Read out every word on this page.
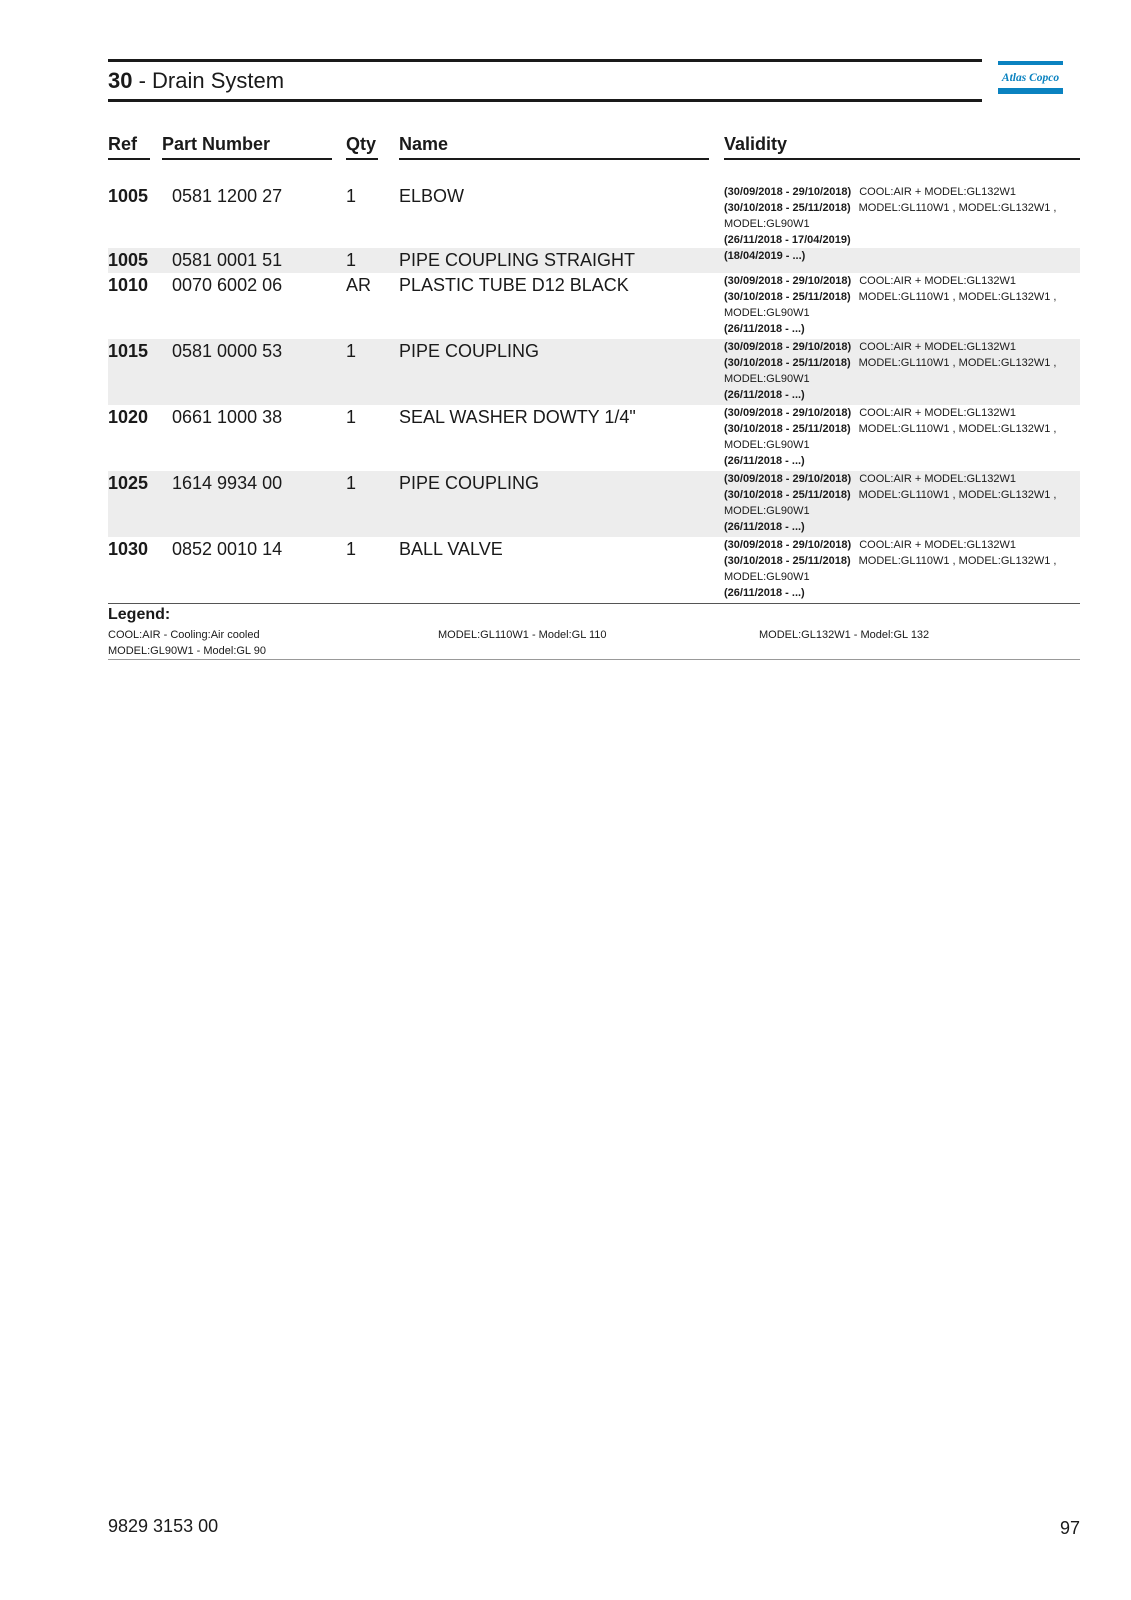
30 - Drain System	Atlas Copco
Ref Part Number	Qty Name	Validity
1005 0581 1200 27	1 ELBOW	(30/09/2018 - 29/10/2018) COOL:AIR + MODEL:GL132W1
(30/10/2018 - 25/11/2018) MODEL:GL110W1 , MODEL:GL132W1 ,
MODEL:GL90W1
(26/11/2018 - 17/04/2019)
1005 0581 0001 51	1 PIPE COUPLING STRAIGHT	(18/04/2019 - ...)
1010 0070 6002 06	AR PLASTIC TUBE D12 BLACK	(30/09/2018 - 29/10/2018) COOL:AIR + MODEL:GL132W1
(30/10/2018 - 25/11/2018) MODEL:GL110W1 , MODEL:GL132W1 ,
MODEL:GL90W1
(26/11/2018 - ...)
1015 0581 0000 53	1 PIPE COUPLING	(30/09/2018 - 29/10/2018) COOL:AIR + MODEL:GL132W1
(30/10/2018 - 25/11/2018) MODEL:GL110W1 , MODEL:GL132W1 ,
MODEL:GL90W1
(26/11/2018 - ...)
1020 0661 1000 38	1 SEAL WASHER DOWTY 1/4"	(30/09/2018 - 29/10/2018) COOL:AIR + MODEL:GL132W1
(30/10/2018 - 25/11/2018) MODEL:GL110W1 , MODEL:GL132W1 ,
MODEL:GL90W1
(26/11/2018 - ...)
1025 1614 9934 00	1 PIPE COUPLING	(30/09/2018 - 29/10/2018) COOL:AIR + MODEL:GL132W1
(30/10/2018 - 25/11/2018) MODEL:GL110W1 , MODEL:GL132W1 ,
MODEL:GL90W1
(26/11/2018 - ...)
1030 0852 0010 14	1 BALL VALVE	(30/09/2018 - 29/10/2018) COOL:AIR + MODEL:GL132W1
(30/10/2018 - 25/11/2018) MODEL:GL110W1 , MODEL:GL132W1 ,
MODEL:GL90W1
(26/11/2018 - ...)
Legend:
COOL:AIR - Cooling:Air cooled	MODEL:GL110W1 - Model:GL 110	MODEL:GL132W1 - Model:GL 132
MODEL:GL90W1 - Model:GL 90
9829 3153 00	97
